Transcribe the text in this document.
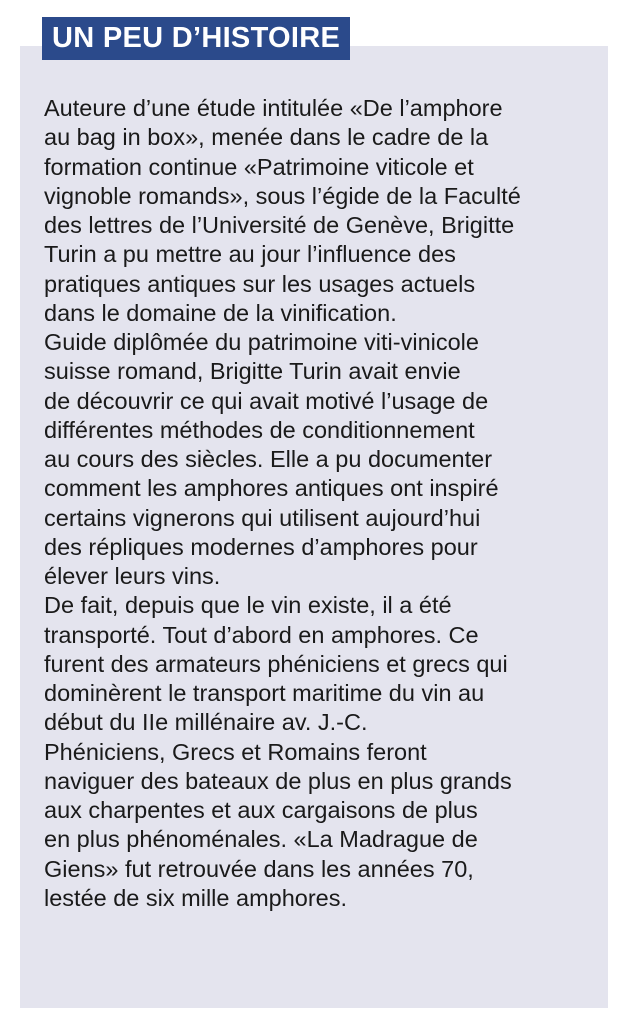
UN PEU D’HISTOIRE
Auteure d’une étude intitulée «De l’amphore
au bag in box», menée dans le cadre de la
formation continue «Patrimoine viticole et
vignoble romands», sous l’égide de la Faculté
des lettres de l’Université de Genève, Brigitte
Turin a pu mettre au jour l’influence des
pratiques antiques sur les usages actuels
dans le domaine de la vinification.
Guide diplômée du patrimoine viti-vinicole
suisse romand, Brigitte Turin avait envie
de découvrir ce qui avait motivé l’usage de
différentes méthodes de conditionnement
au cours des siècles. Elle a pu documenter
comment les amphores antiques ont inspiré
certains vignerons qui utilisent aujourd’hui
des répliques modernes d’amphores pour
élever leurs vins.
De fait, depuis que le vin existe, il a été
transporté. Tout d’abord en amphores. Ce
furent des armateurs phéniciens et grecs qui
dominèrent le transport maritime du vin au
début du IIe millénaire av. J.-C.
Phéniciens, Grecs et Romains feront
naviguer des bateaux de plus en plus grands
aux charpentes et aux cargaisons de plus
en plus phénoménales. «La Madrague de
Giens» fut retrouvée dans les années 70,
lestée de six mille amphores.
